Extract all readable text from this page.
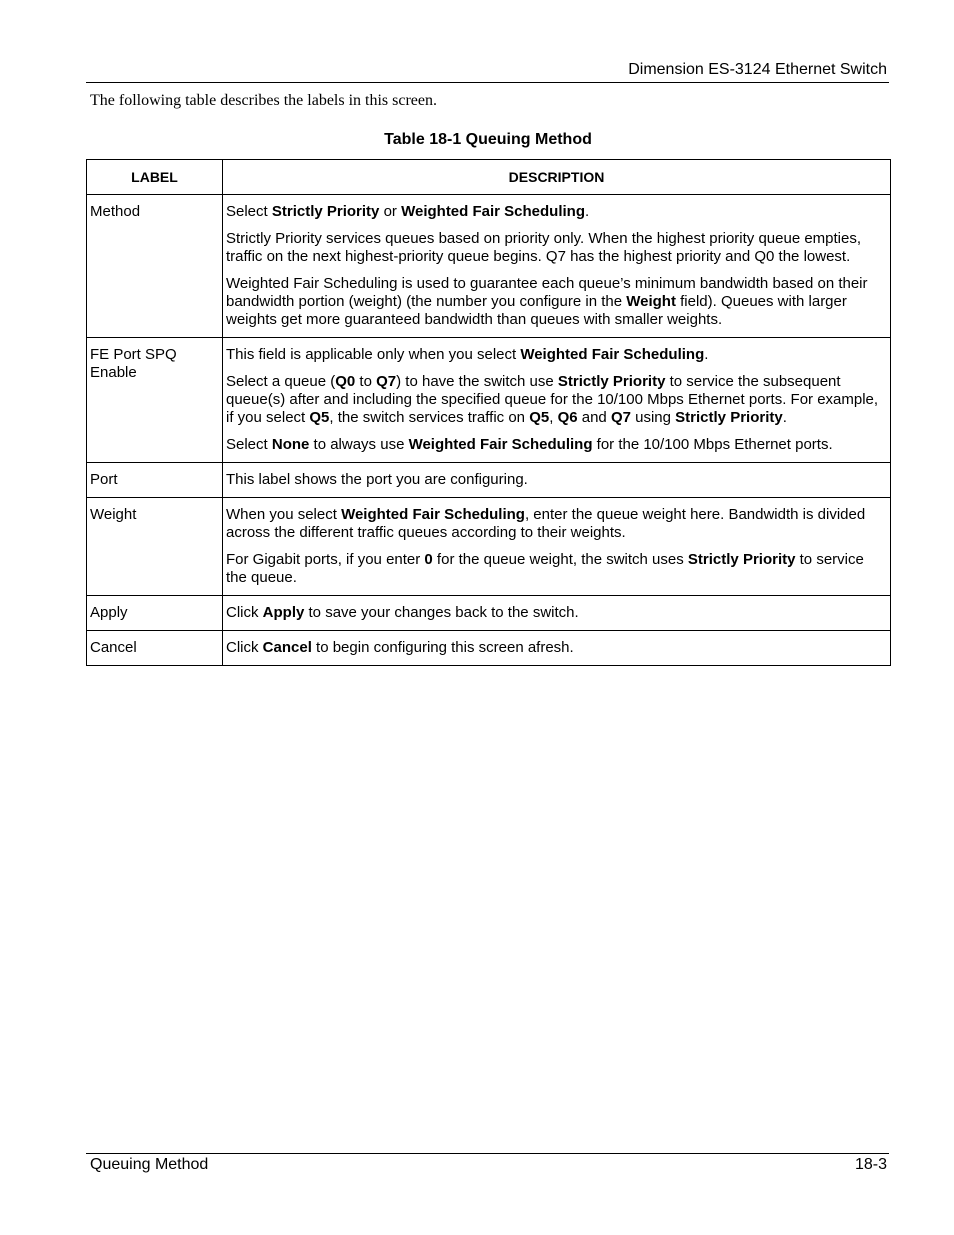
Dimension ES-3124 Ethernet Switch
The following table describes the labels in this screen.
Table 18-1 Queuing Method
LABEL	DESCRIPTION
Method	Select Strictly Priority or Weighted Fair Scheduling.

Strictly Priority services queues based on priority only. When the highest priority queue empties, traffic on the next highest-priority queue begins. Q7 has the highest priority and Q0 the lowest.

Weighted Fair Scheduling is used to guarantee each queue’s minimum bandwidth based on their bandwidth portion (weight) (the number you configure in the Weight field). Queues with larger weights get more guaranteed bandwidth than queues with smaller weights.

FE Port SPQ Enable	This field is applicable only when you select Weighted Fair Scheduling.

Select a queue (Q0 to Q7) to have the switch use Strictly Priority to service the subsequent queue(s) after and including the specified queue for the 10/100 Mbps Ethernet ports. For example, if you select Q5, the switch services traffic on Q5, Q6 and Q7 using Strictly Priority.

Select None to always use Weighted Fair Scheduling for the 10/100 Mbps Ethernet ports.

Port	This label shows the port you are configuring.

Weight	When you select Weighted Fair Scheduling, enter the queue weight here. Bandwidth is divided across the different traffic queues according to their weights.

For Gigabit ports, if you enter 0 for the queue weight, the switch uses Strictly Priority to service the queue.

Apply	Click Apply to save your changes back to the switch.

Cancel	Click Cancel to begin configuring this screen afresh.

Queuing Method	18-3
